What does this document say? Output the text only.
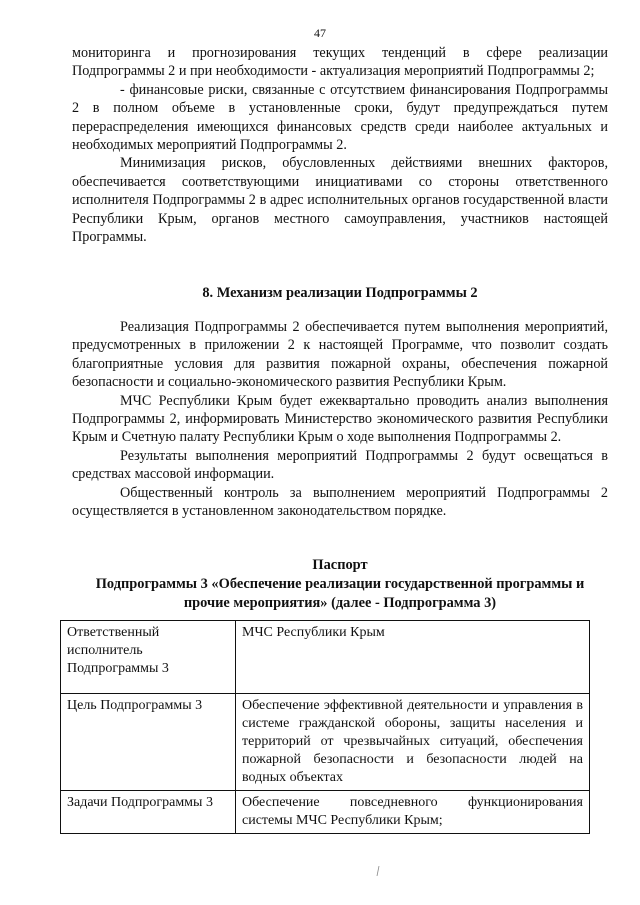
47

мониторинга и прогнозирования текущих тенденций в сфере реализации Подпрограммы 2 и при необходимости - актуализация мероприятий Подпрограммы 2;

- финансовые риски, связанные с отсутствием финансирования Подпрограммы 2 в полном объеме в установленные сроки, будут предупреждаться путем перераспределения имеющихся финансовых средств среди наиболее актуальных и необходимых мероприятий Подпрограммы 2.

Минимизация рисков, обусловленных действиями внешних факторов, обеспечивается соответствующими инициативами со стороны ответственного исполнителя Подпрограммы 2 в адрес исполнительных органов государственной власти Республики Крым, органов местного самоуправления, участников настоящей Программы.

8. Механизм реализации Подпрограммы 2

Реализация Подпрограммы 2 обеспечивается путем выполнения мероприятий, предусмотренных в приложении 2 к настоящей Программе, что позволит создать благоприятные условия для развития пожарной охраны, обеспечения пожарной безопасности и социально-экономического развития Республики Крым.

МЧС Республики Крым будет ежеквартально проводить анализ выполнения Подпрограммы 2, информировать Министерство экономического развития Республики Крым и Счетную палату Республики Крым о ходе выполнения Подпрограммы 2.

Результаты выполнения мероприятий Подпрограммы 2 будут освещаться в средствах массовой информации.

Общественный контроль за выполнением мероприятий Подпрограммы 2 осуществляется в установленном законодательством порядке.

Паспорт
Подпрограммы 3 «Обеспечение реализации государственной программы и
прочие мероприятия» (далее - Подпрограмма 3)
Ответственный исполнитель Подпрограммы 3	МЧС Республики Крым
Цель Подпрограммы 3	Обеспечение эффективной деятельности и управления в системе гражданской обороны, защиты населения и территорий от чрезвычайных ситуаций, обеспечения пожарной безопасности и безопасности людей на водных объектах
Задачи Подпрограммы 3	Обеспечение повседневного функционирования системы МЧС Республики Крым;
